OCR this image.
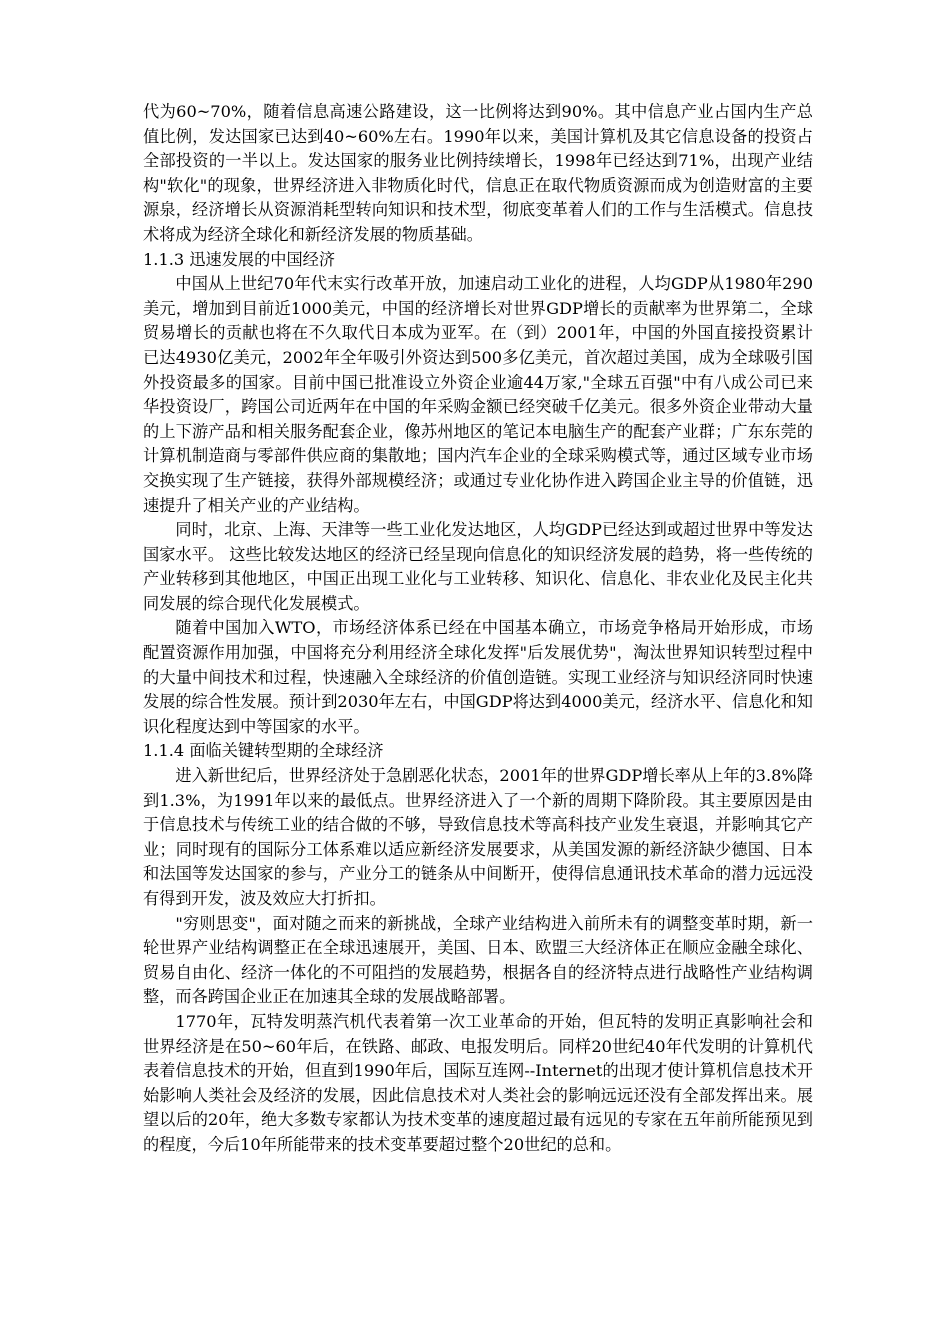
代为60~70%，随着信息高速公路建设，这一比例将达到90%。其中信息产业占国内生产总值比例，发达国家已达到40~60%左右。1990年以来，美国计算机及其它信息设备的投资占全部投资的一半以上。发达国家的服务业比例持续增长，1998年已经达到71%，出现产业结构"软化"的现象，世界经济进入非物质化时代，信息正在取代物质资源而成为创造财富的主要源泉，经济增长从资源消耗型转向知识和技术型，彻底变革着人们的工作与生活模式。信息技术将成为经济全球化和新经济发展的物质基础。

1.1.3 迅速发展的中国经济

中国从上世纪70年代末实行改革开放，加速启动工业化的进程，人均GDP从1980年290美元，增加到目前近1000美元，中国的经济增长对世界GDP增长的贡献率为世界第二，全球贸易增长的贡献也将在不久取代日本成为亚军。在（到）2001年，中国的外国直接投资累计已达4930亿美元，2002年全年吸引外资达到500多亿美元，首次超过美国，成为全球吸引国外投资最多的国家。目前中国已批准设立外资企业逾44万家,"全球五百强"中有八成公司已来华投资设厂，跨国公司近两年在中国的年采购金额已经突破千亿美元。很多外资企业带动大量的上下游产品和相关服务配套企业，像苏州地区的笔记本电脑生产的配套产业群；广东东莞的计算机制造商与零部件供应商的集散地；国内汽车企业的全球采购模式等，通过区域专业市场交换实现了生产链接，获得外部规模经济；或通过专业化协作进入跨国企业主导的价值链，迅速提升了相关产业的产业结构。

同时，北京、上海、天津等一些工业化发达地区，人均GDP已经达到或超过世界中等发达国家水平。 这些比较发达地区的经济已经呈现向信息化的知识经济发展的趋势，将一些传统的产业转移到其他地区，中国正出现工业化与工业转移、知识化、信息化、非农业化及民主化共同发展的综合现代化发展模式。

随着中国加入WTO，市场经济体系已经在中国基本确立，市场竞争格局开始形成，市场配置资源作用加强，中国将充分利用经济全球化发挥"后发展优势"，淘汰世界知识转型过程中的大量中间技术和过程，快速融入全球经济的价值创造链。实现工业经济与知识经济同时快速发展的综合性发展。预计到2030年左右，中国GDP将达到4000美元，经济水平、信息化和知识化程度达到中等国家的水平。

1.1.4 面临关键转型期的全球经济

进入新世纪后，世界经济处于急剧恶化状态，2001年的世界GDP增长率从上年的3.8%降到1.3%，为1991年以来的最低点。世界经济进入了一个新的周期下降阶段。其主要原因是由于信息技术与传统工业的结合做的不够，导致信息技术等高科技产业发生衰退，并影响其它产业；同时现有的国际分工体系难以适应新经济发展要求，从美国发源的新经济缺少德国、日本和法国等发达国家的参与，产业分工的链条从中间断开，使得信息通讯技术革命的潜力远远没有得到开发，波及效应大打折扣。

"穷则思变"，面对随之而来的新挑战，全球产业结构进入前所未有的调整变革时期，新一轮世界产业结构调整正在全球迅速展开，美国、日本、欧盟三大经济体正在顺应金融全球化、贸易自由化、经济一体化的不可阻挡的发展趋势，根据各自的经济特点进行战略性产业结构调整，而各跨国企业正在加速其全球的发展战略部署。

1770年，瓦特发明蒸汽机代表着第一次工业革命的开始，但瓦特的发明正真影响社会和世界经济是在50~60年后，在铁路、邮政、电报发明后。同样20世纪40年代发明的计算机代表着信息技术的开始，但直到1990年后，国际互连网--Internet的出现才使计算机信息技术开始影响人类社会及经济的发展，因此信息技术对人类社会的影响远远还没有全部发挥出来。展望以后的20年，绝大多数专家都认为技术变革的速度超过最有远见的专家在五年前所能预见到的程度，今后10年所能带来的技术变革要超过整个20世纪的总和。
